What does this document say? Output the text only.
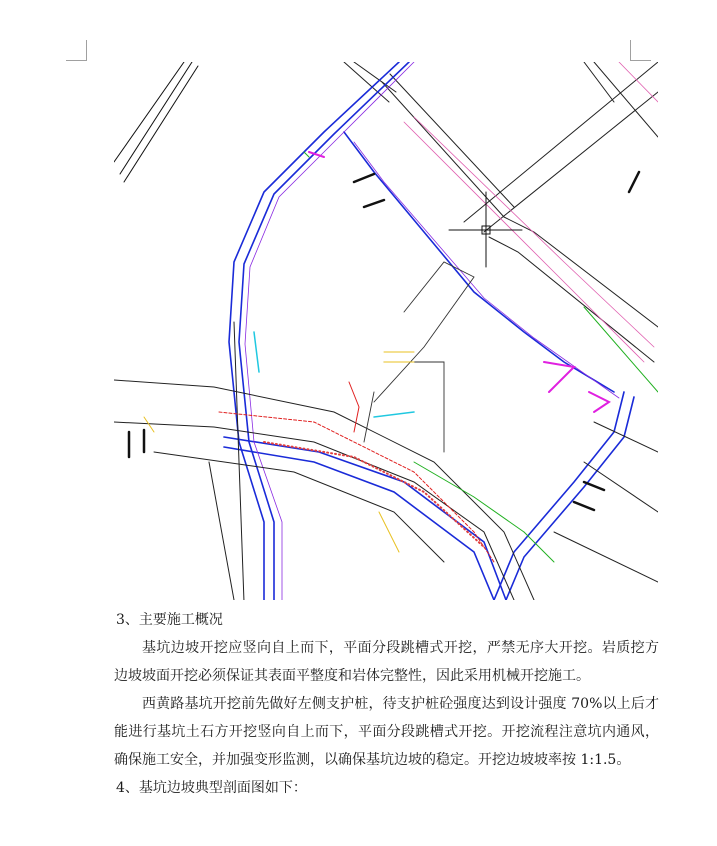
3、主要施工概况

基坑边坡开挖应竖向自上而下，平面分段跳槽式开挖，严禁无序大开挖。岩质挖方边坡坡面开挖必须保证其表面平整度和岩体完整性，因此采用机械开挖施工。

西黄路基坑开挖前先做好左侧支护桩，待支护桩砼强度达到设计强度 70%以上后才能进行基坑土石方开挖竖向自上而下，平面分段跳槽式开挖。开挖流程注意坑内通风，确保施工安全，并加强变形监测，以确保基坑边坡的稳定。开挖边坡坡率按 1:1.5。

4、基坑边坡典型剖面图如下：
